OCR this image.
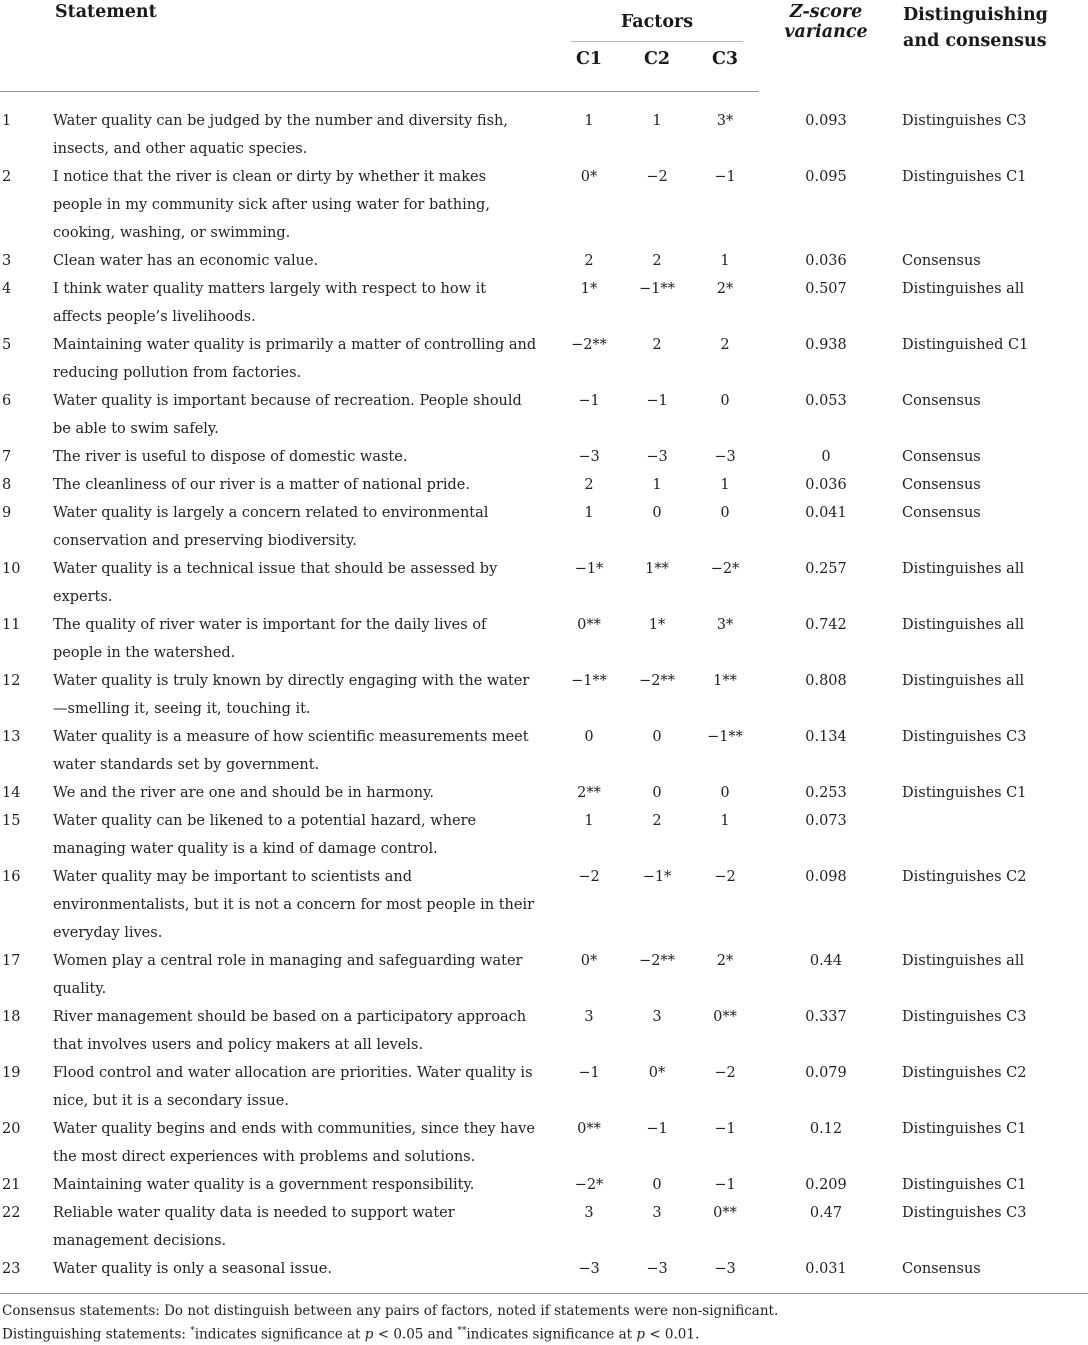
	Statement	Factors			Z-score variance	Distinguishing
and consensus
		C1	C2	C3		
1	Water quality can be judged by the number and diversity fish, insects, and other aquatic species.	1	1	3*	0.093	Distinguishes C3
2	I notice that the river is clean or dirty by whether it makes people in my community sick after using water for bathing, cooking, washing, or swimming.	0*	−2	−1	0.095	Distinguishes C1
3	Clean water has an economic value.	2	2	1	0.036	Consensus
4	I think water quality matters largely with respect to how it affects people’s livelihoods.	1*	−1**	2*	0.507	Distinguishes all
5	Maintaining water quality is primarily a matter of controlling and reducing pollution from factories.	−2**	2	2	0.938	Distinguished C1
6	Water quality is important because of recreation. People should be able to swim safely.	−1	−1	0	0.053	Consensus
7	The river is useful to dispose of domestic waste.	−3	−3	−3	0	Consensus
8	The cleanliness of our river is a matter of national pride.	2	1	1	0.036	Consensus
9	Water quality is largely a concern related to environmental conservation and preserving biodiversity.	1	0	0	0.041	Consensus
10	Water quality is a technical issue that should be assessed by experts.	−1*	1**	−2*	0.257	Distinguishes all
11	The quality of river water is important for the daily lives of people in the watershed.	0**	1*	3*	0.742	Distinguishes all
12	Water quality is truly known by directly engaging with the water—smelling it, seeing it, touching it.	−1**	−2**	1**	0.808	Distinguishes all
13	Water quality is a measure of how scientific measurements meet water standards set by government.	0	0	−1**	0.134	Distinguishes C3
14	We and the river are one and should be in harmony.	2**	0	0	0.253	Distinguishes C1
15	Water quality can be likened to a potential hazard, where managing water quality is a kind of damage control.	1	2	1	0.073	
16	Water quality may be important to scientists and environmentalists, but it is not a concern for most people in their everyday lives.	−2	−1*	−2	0.098	Distinguishes C2
17	Women play a central role in managing and safeguarding water quality.	0*	−2**	2*	0.44	Distinguishes all
18	River management should be based on a participatory approach that involves users and policy makers at all levels.	3	3	0**	0.337	Distinguishes C3
19	Flood control and water allocation are priorities. Water quality is nice, but it is a secondary issue.	−1	0*	−2	0.079	Distinguishes C2
20	Water quality begins and ends with communities, since they have the most direct experiences with problems and solutions.	0**	−1	−1	0.12	Distinguishes C1
21	Maintaining water quality is a government responsibility.	−2*	0	−1	0.209	Distinguishes C1
22	Reliable water quality data is needed to support water management decisions.	3	3	0**	0.47	Distinguishes C3
23	Water quality is only a seasonal issue.	−3	−3	−3	0.031	Consensus

Consensus statements: Do not distinguish between any pairs of factors, noted if statements were non-significant.

Distinguishing statements: *indicates significance at p < 0.05 and **indicates significance at p < 0.01.
